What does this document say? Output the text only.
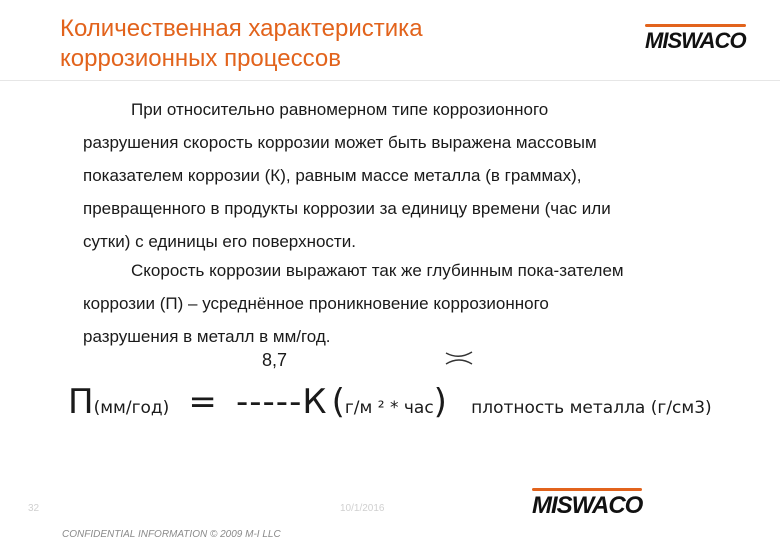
Количественная характеристика
коррозионных процессов
MISWACO
При относительно равномерном типе коррозионного
разрушения скорость коррозии может быть выражена массовым
показателем коррозии (К), равным массе металла (в граммах),
превращенного в продукты коррозии за единицу времени (час или
сутки) с единицы его поверхности.
Скорость коррозии выражают так же глубинным пока-зателем
коррозии (П) – усреднённое проникновение коррозионного
разрушения в металл в мм/год.
8,7
П(мм/год) = -----К (г/м ² * час) плотность металла (г/см3)
32	10/1/2016	MISWACO
CONFIDENTIAL INFORMATION © 2009 M-I LLC
